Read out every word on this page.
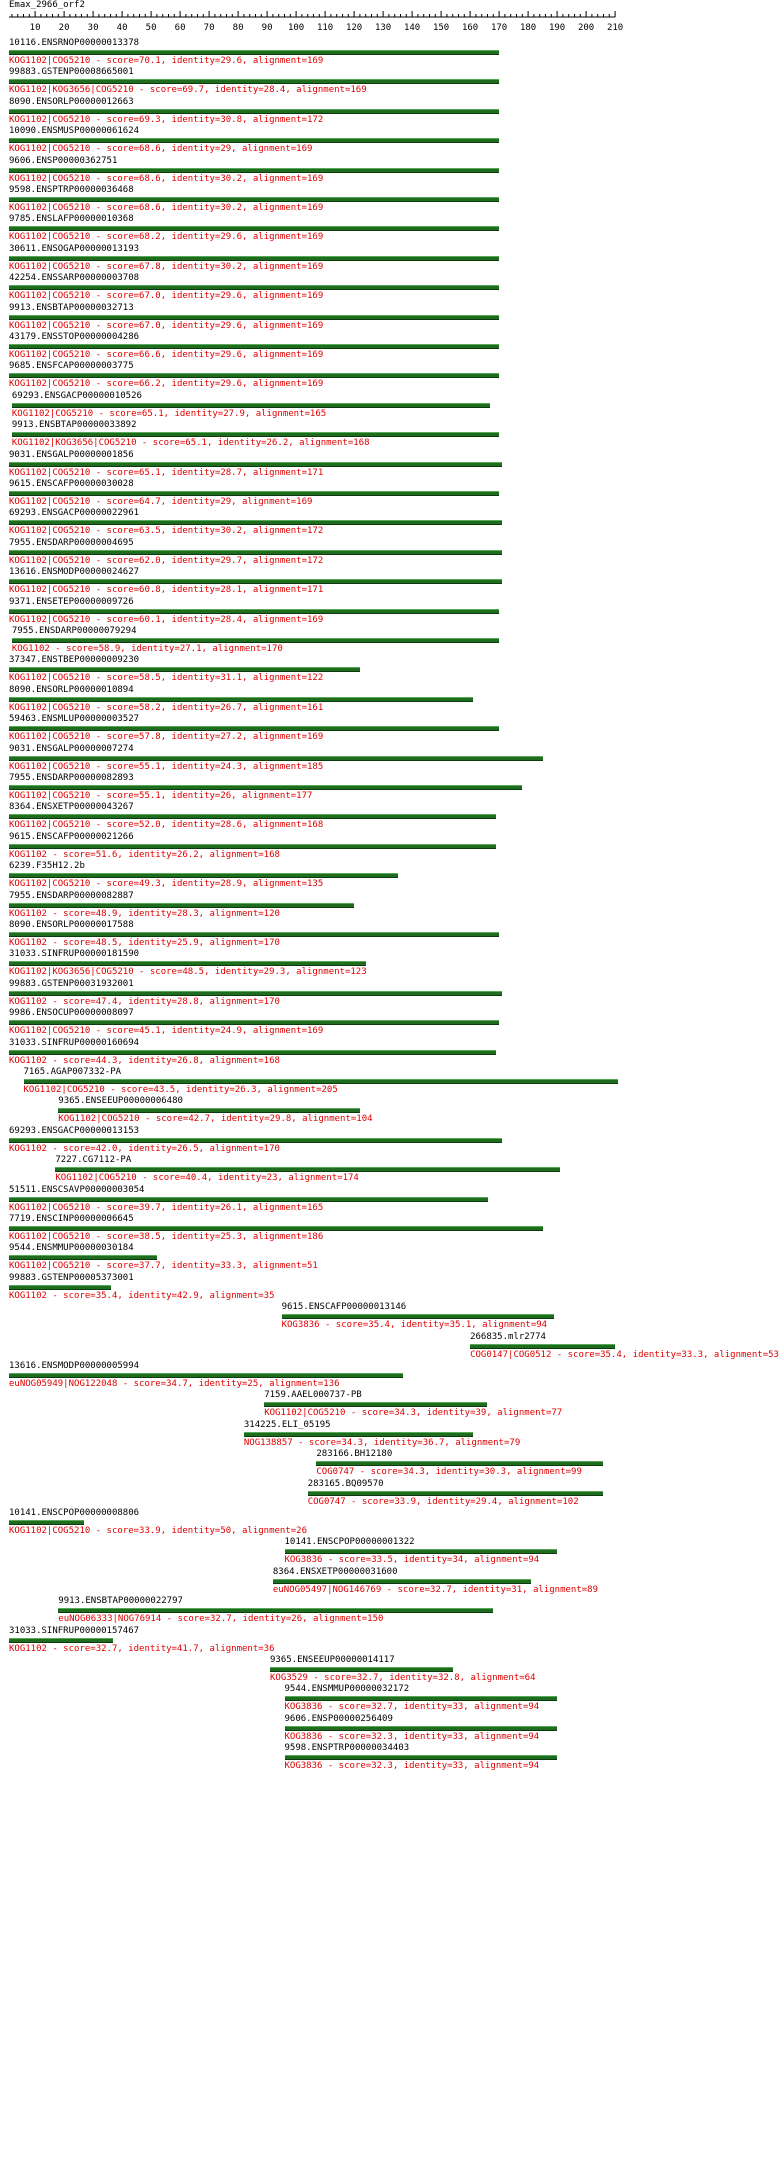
Emax_2966_orf2
10 20 30 40 50 60 70 80 90 100 110 120 130 140 150 160 170 180 190 200 210
10116.ENSRNOP00000013378
KOG1102|COG5210 - score=70.1, identity=29.6, alignment=169
99883.GSTENP00008665001
KOG1102|KOG3656|COG5210 - score=69.7, identity=28.4, alignment=169
8090.ENSORLP00000012663
KOG1102|COG5210 - score=69.3, identity=30.8, alignment=172
10090.ENSMUSP00000061624
KOG1102|COG5210 - score=68.6, identity=29, alignment=169
9606.ENSP00000362751
KOG1102|COG5210 - score=68.6, identity=30.2, alignment=169
9598.ENSPTRP00000036468
KOG1102|COG5210 - score=68.6, identity=30.2, alignment=169
9785.ENSLAFP00000010368
KOG1102|COG5210 - score=68.2, identity=29.6, alignment=169
30611.ENSOGAP00000013193
KOG1102|COG5210 - score=67.8, identity=30.2, alignment=169
42254.ENSSARP00000003708
KOG1102|COG5210 - score=67.0, identity=29.6, alignment=169
9913.ENSBTAP00000032713
KOG1102|COG5210 - score=67.0, identity=29.6, alignment=169
43179.ENSSTOP00000004286
KOG1102|COG5210 - score=66.6, identity=29.6, alignment=169
9685.ENSFCAP00000003775
KOG1102|COG5210 - score=66.2, identity=29.6, alignment=169
69293.ENSGACP00000010526
KOG1102|COG5210 - score=65.1, identity=27.9, alignment=165
9913.ENSBTAP00000033892
KOG1102|KOG3656|COG5210 - score=65.1, identity=26.2, alignment=168
9031.ENSGALP00000001856
KOG1102|COG5210 - score=65.1, identity=28.7, alignment=171
9615.ENSCAFP00000030028
KOG1102|COG5210 - score=64.7, identity=29, alignment=169
69293.ENSGACP00000022961
KOG1102|COG5210 - score=63.5, identity=30.2, alignment=172
7955.ENSDARP00000004695
KOG1102|COG5210 - score=62.0, identity=29.7, alignment=172
13616.ENSMODP00000024627
KOG1102|COG5210 - score=60.8, identity=28.1, alignment=171
9371.ENSETEP00000009726
KOG1102|COG5210 - score=60.1, identity=28.4, alignment=169
7955.ENSDARP00000079294
KOG1102 - score=58.9, identity=27.1, alignment=170
37347.ENSTBEP00000009230
KOG1102|COG5210 - score=58.5, identity=31.1, alignment=122
8090.ENSORLP00000010894
KOG1102|COG5210 - score=58.2, identity=26.7, alignment=161
59463.ENSMLUP00000003527
KOG1102|COG5210 - score=57.8, identity=27.2, alignment=169
9031.ENSGALP00000007274
KOG1102|COG5210 - score=55.1, identity=24.3, alignment=185
7955.ENSDARP00000082893
KOG1102|COG5210 - score=55.1, identity=26, alignment=177
8364.ENSXETP00000043267
KOG1102|COG5210 - score=52.0, identity=28.6, alignment=168
9615.ENSCAFP00000021266
KOG1102 - score=51.6, identity=26.2, alignment=168
6239.F35H12.2b
KOG1102|COG5210 - score=49.3, identity=28.9, alignment=135
7955.ENSDARP00000082887
KOG1102 - score=48.9, identity=28.3, alignment=120
8090.ENSORLP00000017588
KOG1102 - score=48.5, identity=25.9, alignment=170
31033.SINFRUP00000181590
KOG1102|KOG3656|COG5210 - score=48.5, identity=29.3, alignment=123
99883.GSTENP00031932001
KOG1102 - score=47.4, identity=28.8, alignment=170
9986.ENSOCUP00000008097
KOG1102|COG5210 - score=45.1, identity=24.9, alignment=169
31033.SINFRUP00000160694
KOG1102 - score=44.3, identity=26.8, alignment=168
7165.AGAP007332-PA
KOG1102|COG5210 - score=43.5, identity=26.3, alignment=205
9365.ENSEEUP00000006480
KOG1102|COG5210 - score=42.7, identity=29.8, alignment=104
69293.ENSGACP00000013153
KOG1102 - score=42.0, identity=26.5, alignment=170
7227.CG7112-PA
KOG1102|COG5210 - score=40.4, identity=23, alignment=174
51511.ENSCSAVP00000003054
KOG1102|COG5210 - score=39.7, identity=26.1, alignment=165
7719.ENSCINP00000006645
KOG1102|COG5210 - score=38.5, identity=25.3, alignment=186
9544.ENSMMUP00000030184
KOG1102|COG5210 - score=37.7, identity=33.3, alignment=51
99883.GSTENP00005373001
KOG1102 - score=35.4, identity=42.9, alignment=35
9615.ENSCAFP00000013146
KOG3836 - score=35.4, identity=35.1, alignment=94
266835.mlr2774
COG0147|COG0512 - score=35.4, identity=33.3, alignment=53
13616.ENSMODP00000005994
euNOG05949|NOG122048 - score=34.7, identity=25, alignment=136
7159.AAEL000737-PB
KOG1102|COG5210 - score=34.3, identity=39, alignment=77
314225.ELI_05195
NOG138857 - score=34.3, identity=36.7, alignment=79
283166.BH12180
COG0747 - score=34.3, identity=30.3, alignment=99
283165.BQ09570
COG0747 - score=33.9, identity=29.4, alignment=102
10141.ENSCPOP00000008806
KOG1102|COG5210 - score=33.9, identity=50, alignment=26
10141.ENSCPOP00000001322
KOG3836 - score=33.5, identity=34, alignment=94
8364.ENSXETP00000031600
euNOG05497|NOG146769 - score=32.7, identity=31, alignment=89
9913.ENSBTAP00000022797
euNOG06333|NOG76914 - score=32.7, identity=26, alignment=150
31033.SINFRUP00000157467
KOG1102 - score=32.7, identity=41.7, alignment=36
9365.ENSEEUP00000014117
KOG3529 - score=32.7, identity=32.8, alignment=64
9544.ENSMMUP00000032172
KOG3836 - score=32.7, identity=33, alignment=94
9606.ENSP00000256409
KOG3836 - score=32.3, identity=33, alignment=94
9598.ENSPTRP00000034403
KOG3836 - score=32.3, identity=33, alignment=94
